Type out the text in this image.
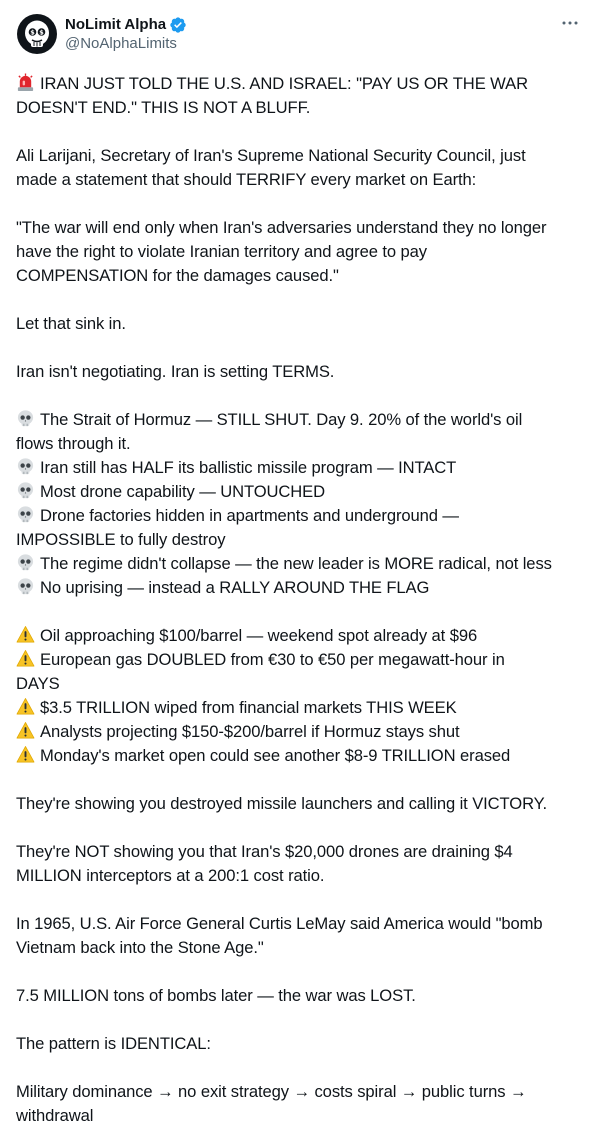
$ $ NoLimit Alpha
@NoAlphaLimits
IRAN JUST TOLD THE U.S. AND ISRAEL: "PAY US OR THE WAR
DOESN'T END." THIS IS NOT A BLUFF.
Ali Larijani, Secretary of Iran's Supreme National Security Council, just
made a statement that should TERRIFY every market on Earth:
"The war will end only when Iran's adversaries understand they no longer
have the right to violate Iranian territory and agree to pay
COMPENSATION for the damages caused."
Let that sink in.
Iran isn't negotiating. Iran is setting TERMS.
The Strait of Hormuz — STILL SHUT. Day 9. 20% of the world's oil
flows through it.
Iran still has HALF its ballistic missile program — INTACT
Most drone capability — UNTOUCHED
Drone factories hidden in apartments and underground —
IMPOSSIBLE to fully destroy
The regime didn't collapse — the new leader is MORE radical, not less
No uprising — instead a RALLY AROUND THE FLAG
Oil approaching $100/barrel — weekend spot already at $96
European gas DOUBLED from €30 to €50 per megawatt-hour in
DAYS
$3.5 TRILLION wiped from financial markets THIS WEEK
Analysts projecting $150-$200/barrel if Hormuz stays shut
Monday's market open could see another $8-9 TRILLION erased
They're showing you destroyed missile launchers and calling it VICTORY.
They're NOT showing you that Iran's $20,000 drones are draining $4
MILLION interceptors at a 200:1 cost ratio.
In 1965, U.S. Air Force General Curtis LeMay said America would "bomb
Vietnam back into the Stone Age."
7.5 MILLION tons of bombs later — the war was LOST.
The pattern is IDENTICAL:
Military dominance → no exit strategy → costs spiral → public turns →
withdrawal
